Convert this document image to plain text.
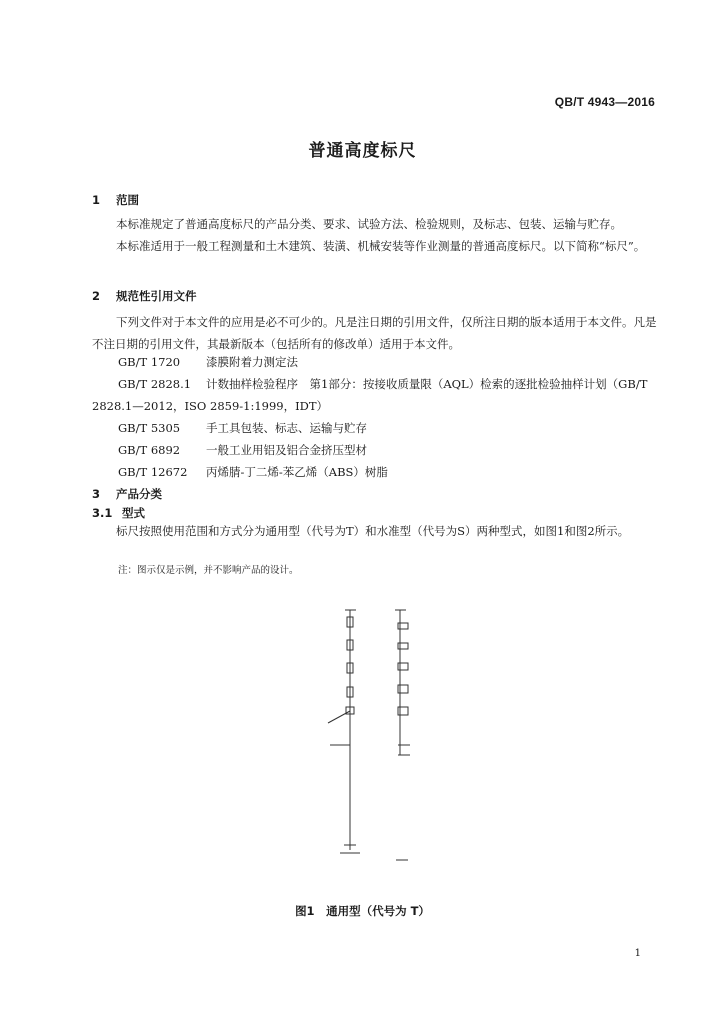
QB/T 4943—2016
普通高度标尺
1 范围
本标准规定了普通高度标尺的产品分类、要求、试验方法、检验规则，及标志、包装、运输与贮存。
本标准适用于一般工程测量和土木建筑、装潢、机械安装等作业测量的普通高度标尺。以下简称“标尺”。
2 规范性引用文件
下列文件对于本文件的应用是必不可少的。凡是注日期的引用文件，仅所注日期的版本适用于本文件。凡是不注日期的引用文件，其最新版本（包括所有的修改单）适用于本文件。
GB/T 1720 漆膜附着力测定法
GB/T 2828.1 计数抽样检验程序　第1部分：按接收质量限（AQL）检索的逐批检验抽样计划（GB/T
2828.1—2012，ISO 2859-1:1999，IDT）
GB/T 5305 手工具包装、标志、运输与贮存
GB/T 6892 一般工业用铝及铝合金挤压型材
GB/T 12672 丙烯腈-丁二烯-苯乙烯（ABS）树脂
3 产品分类
3.1 型式
标尺按照使用范围和方式分为通用型（代号为T）和水准型（代号为S）两种型式，如图1和图2所示。
注：图示仅是示例，并不影响产品的设计。
图1　通用型（代号为 T）
1
